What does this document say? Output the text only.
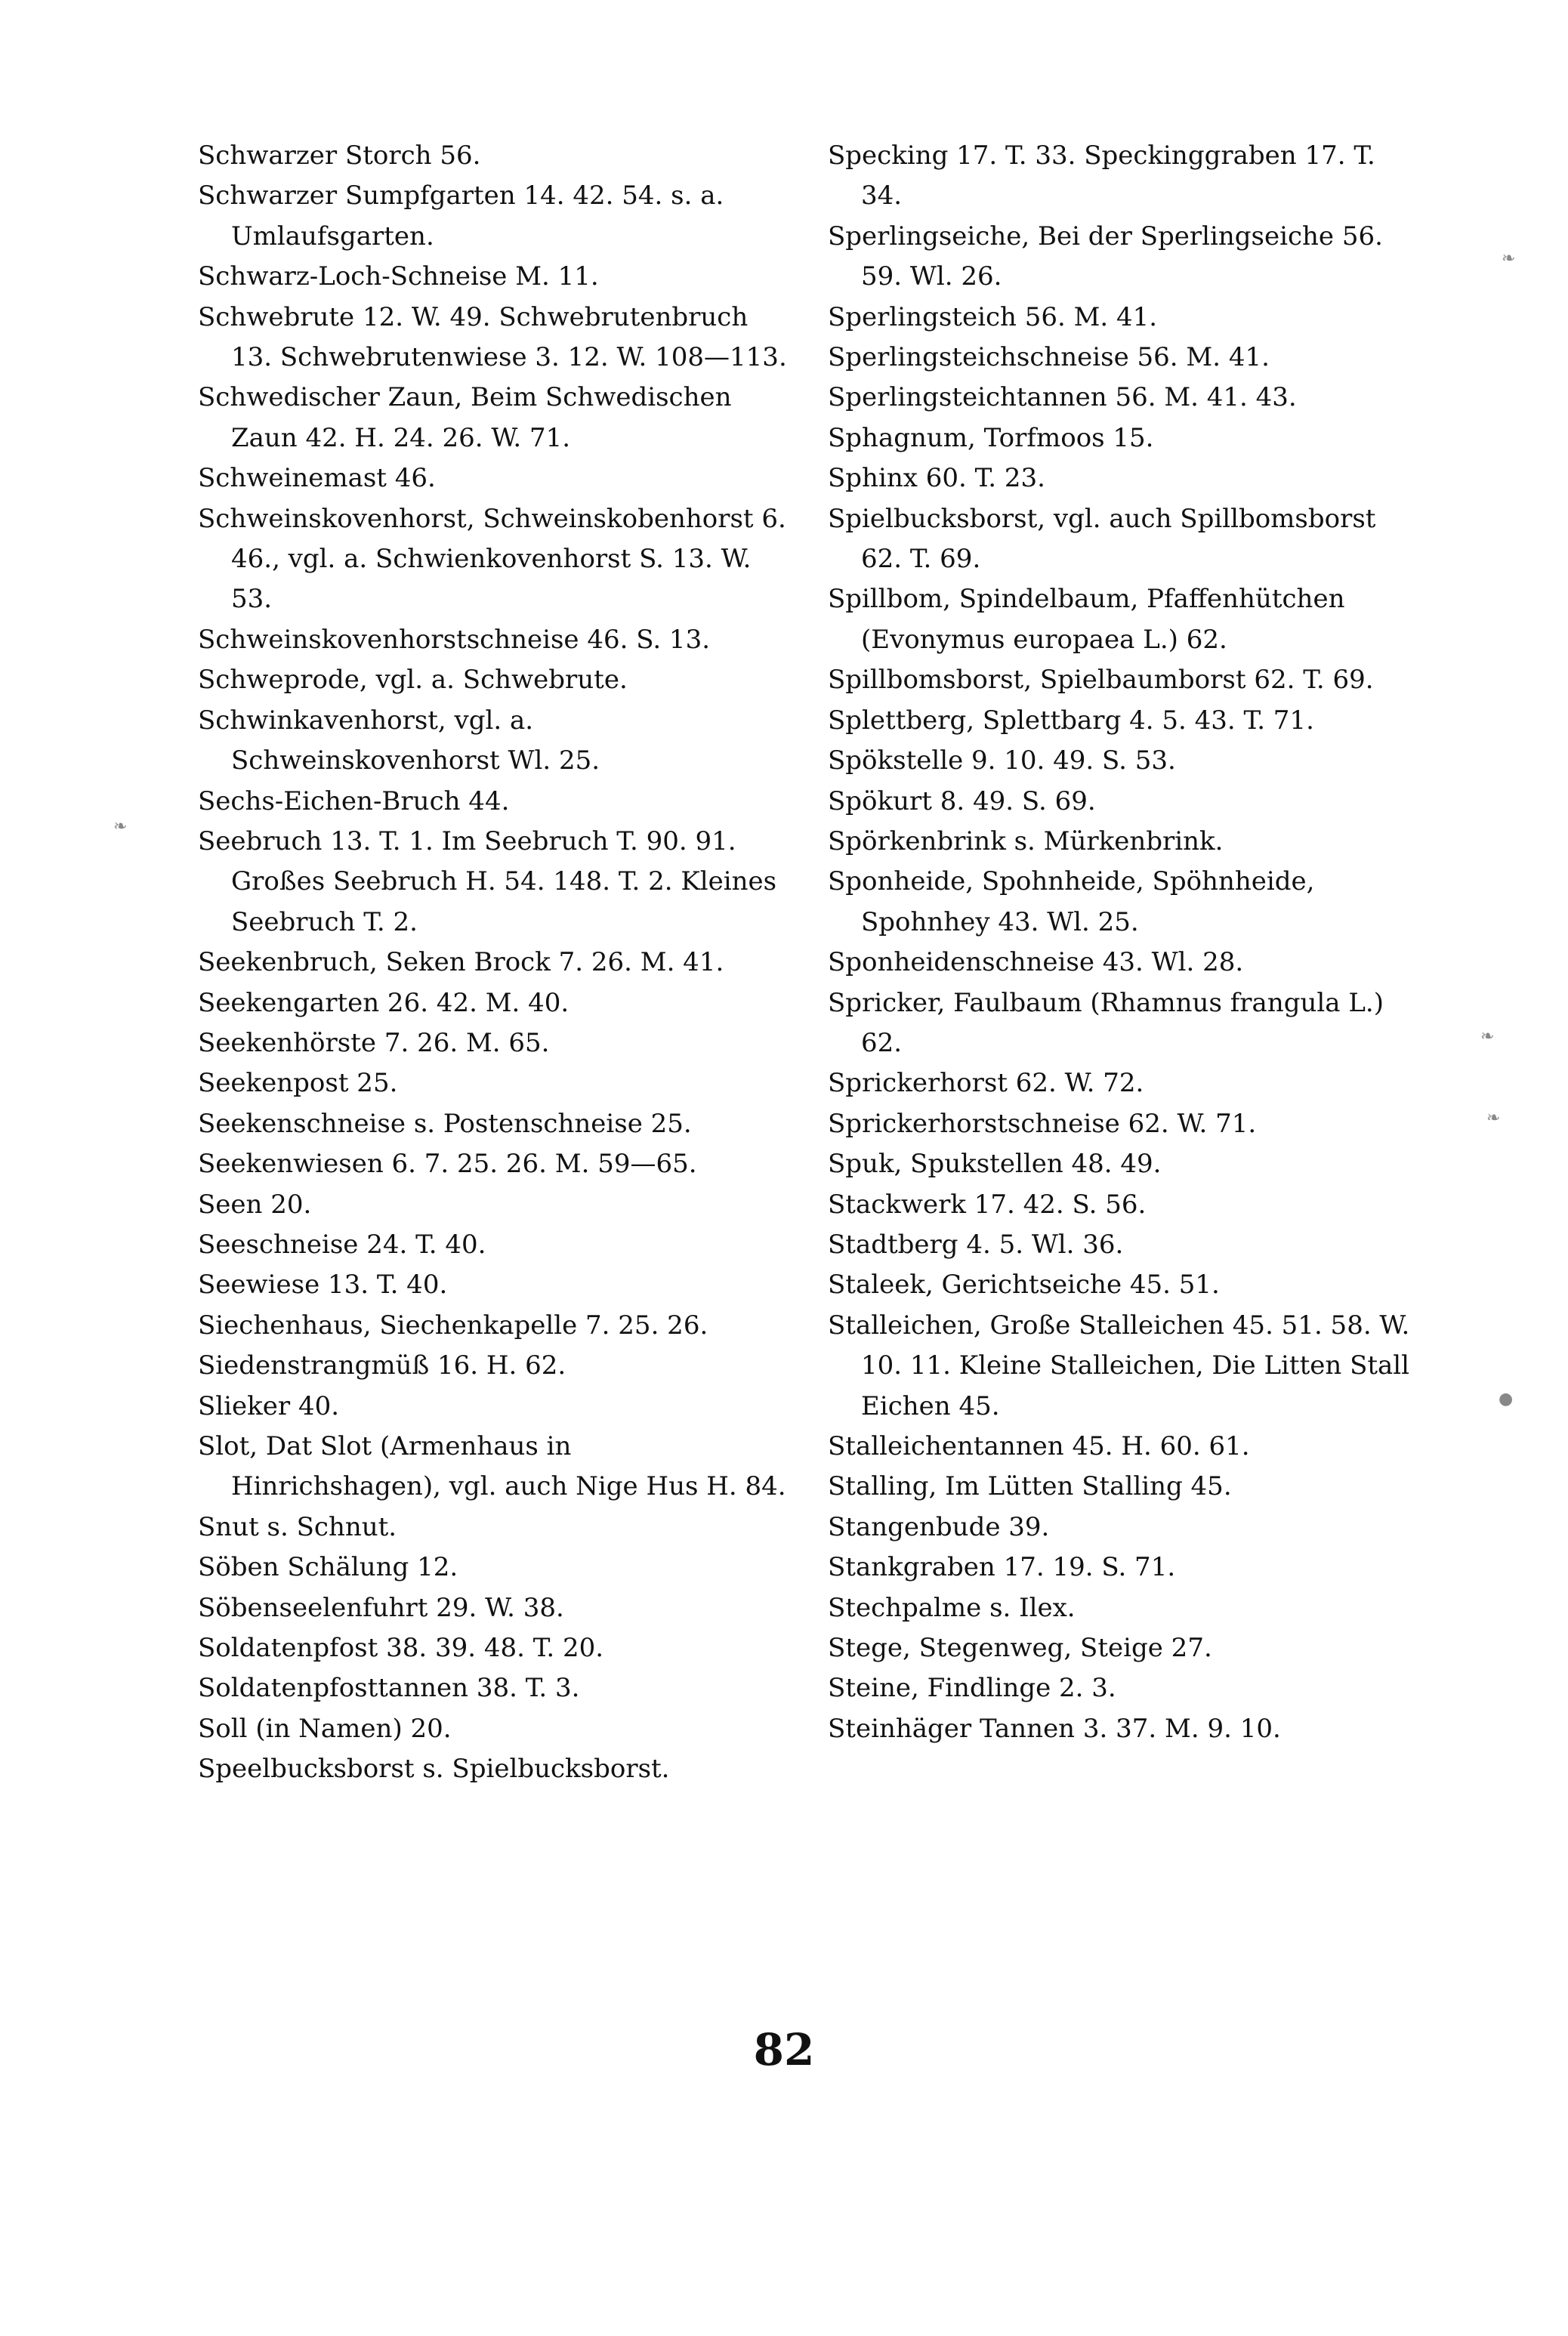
Schwarzer Storch 56.
Schwarzer Sumpfgarten 14. 42. 54. s. a. Umlaufsgarten.
Schwarz-Loch-Schneise M. 11.
Schwebrute 12. W. 49. Schwebrutenbruch 13. Schwebrutenwiese 3. 12. W. 108—113.
Schwedischer Zaun, Beim Schwedischen Zaun 42. H. 24. 26. W. 71.
Schweinemast 46.
Schweinskovenhorst, Schweinskobenhorst 6. 46., vgl. a. Schwienkovenhorst S. 13. W. 53.
Schweinskovenhorstschneise 46. S. 13.
Schweprode, vgl. a. Schwebrute.
Schwinkavenhorst, vgl. a. Schweinskovenhorst Wl. 25.
Sechs-Eichen-Bruch 44.
Seebruch 13. T. 1. Im Seebruch T. 90. 91. Großes Seebruch H. 54. 148. T. 2. Kleines Seebruch T. 2.
Seekenbruch, Seken Brock 7. 26. M. 41.
Seekengarten 26. 42. M. 40.
Seekenhörste 7. 26. M. 65.
Seekenpost 25.
Seekenschneise s. Postenschneise 25.
Seekenwiesen 6. 7. 25. 26. M. 59—65.
Seen 20.
Seeschneise 24. T. 40.
Seewiese 13. T. 40.
Siechenhaus, Siechenkapelle 7. 25. 26.
Siedenstrangmüß 16. H. 62.
Slieker 40.
Slot, Dat Slot (Armenhaus in Hinrichshagen), vgl. auch Nige Hus H. 84.
Snut s. Schnut.
Söben Schälung 12.
Söbenseelenfuhrt 29. W. 38.
Soldatenpfost 38. 39. 48. T. 20.
Soldatenpfosttannen 38. T. 3.
Soll (in Namen) 20.
Speelbucksborst s. Spielbucksborst.
Specking 17. T. 33. Speckinggraben 17. T. 34.
Sperlingseiche, Bei der Sperlingseiche 56. 59. Wl. 26.
Sperlingsteich 56. M. 41.
Sperlingsteichschneise 56. M. 41.
Sperlingsteichtannen 56. M. 41. 43.
Sphagnum, Torfmoos 15.
Sphinx 60. T. 23.
Spielbucksborst, vgl. auch Spillbomsborst 62. T. 69.
Spillbom, Spindelbaum, Pfaffenhütchen (Evonymus europaea L.) 62.
Spillbomsborst, Spielbaumborst 62. T. 69.
Splettberg, Splettbarg 4. 5. 43. T. 71.
Spökstelle 9. 10. 49. S. 53.
Spökurt 8. 49. S. 69.
Spörkenbrink s. Mürkenbrink.
Sponheide, Spohnheide, Spöhnheide, Spohnhey 43. Wl. 25.
Sponheidenschneise 43. Wl. 28.
Spricker, Faulbaum (Rhamnus frangula L.) 62.
Sprickerhorst 62. W. 72.
Sprickerhorstschneise 62. W. 71.
Spuk, Spukstellen 48. 49.
Stackwerk 17. 42. S. 56.
Stadtberg 4. 5. Wl. 36.
Staleek, Gerichtseiche 45. 51.
Stalleichen, Große Stalleichen 45. 51. 58. W. 10. 11. Kleine Stalleichen, Die Litten Stall Eichen 45.
Stalleichentannen 45. H. 60. 61.
Stalling, Im Lütten Stalling 45.
Stangenbude 39.
Stankgraben 17. 19. S. 71.
Stechpalme s. Ilex.
Stege, Stegenweg, Steige 27.
Steine, Findlinge 2. 3.
Steinhäger Tannen 3. 37. M. 9. 10.
82
❧
❧
❧
❧
●
